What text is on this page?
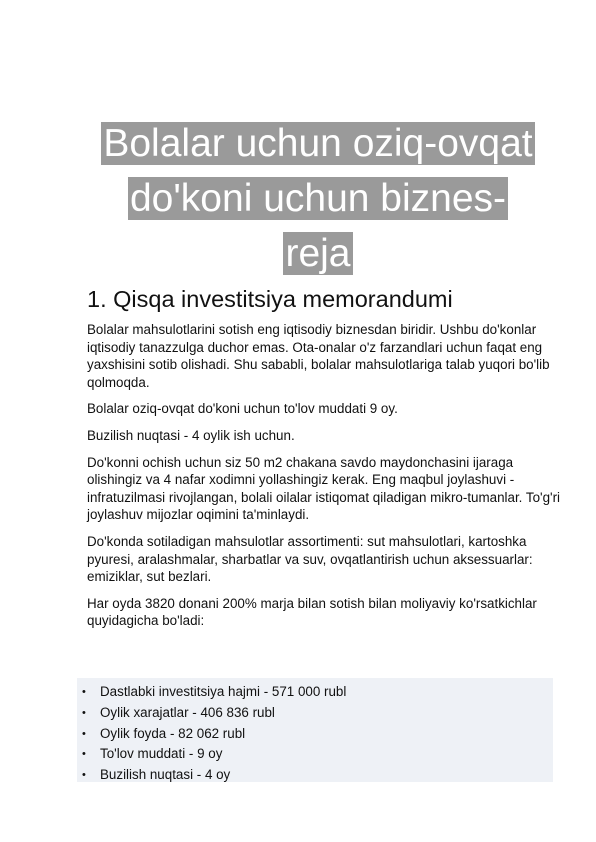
Bolalar uchun oziq-ovqat
do'koni uchun biznes-
reja
1. Qisqa investitsiya memorandumi

Bolalar mahsulotlarini sotish eng iqtisodiy biznesdan biridir. Ushbu do'konlar iqtisodiy tanazzulga duchor emas. Ota-onalar o'z farzandlari uchun faqat eng yaxshisini sotib olishadi. Shu sababli, bolalar mahsulotlariga talab yuqori bo'lib qolmoqda.

Bolalar oziq-ovqat do'koni uchun to'lov muddati 9 oy.

Buzilish nuqtasi - 4 oylik ish uchun.

Do'konni ochish uchun siz 50 m2 chakana savdo maydonchasini ijaraga olishingiz va 4 nafar xodimni yollashingiz kerak. Eng maqbul joylashuvi - infratuzilmasi rivojlangan, bolali oilalar istiqomat qiladigan mikro-tumanlar. To'g'ri joylashuv mijozlar oqimini ta'minlaydi.

Do'konda sotiladigan mahsulotlar assortimenti: sut mahsulotlari, kartoshka pyuresi, aralashmalar, sharbatlar va suv, ovqatlantirish uchun aksessuarlar: emiziklar, sut bezlari.

Har oyda 3820 donani 200% marja bilan sotish bilan moliyaviy ko'rsatkichlar quyidagicha bo'ladi:

• Dastlabki investitsiya hajmi - 571 000 rubl
• Oylik xarajatlar - 406 836 rubl
• Oylik foyda - 82 062 rubl
• To'lov muddati - 9 oy
• Buzilish nuqtasi - 4 oy
